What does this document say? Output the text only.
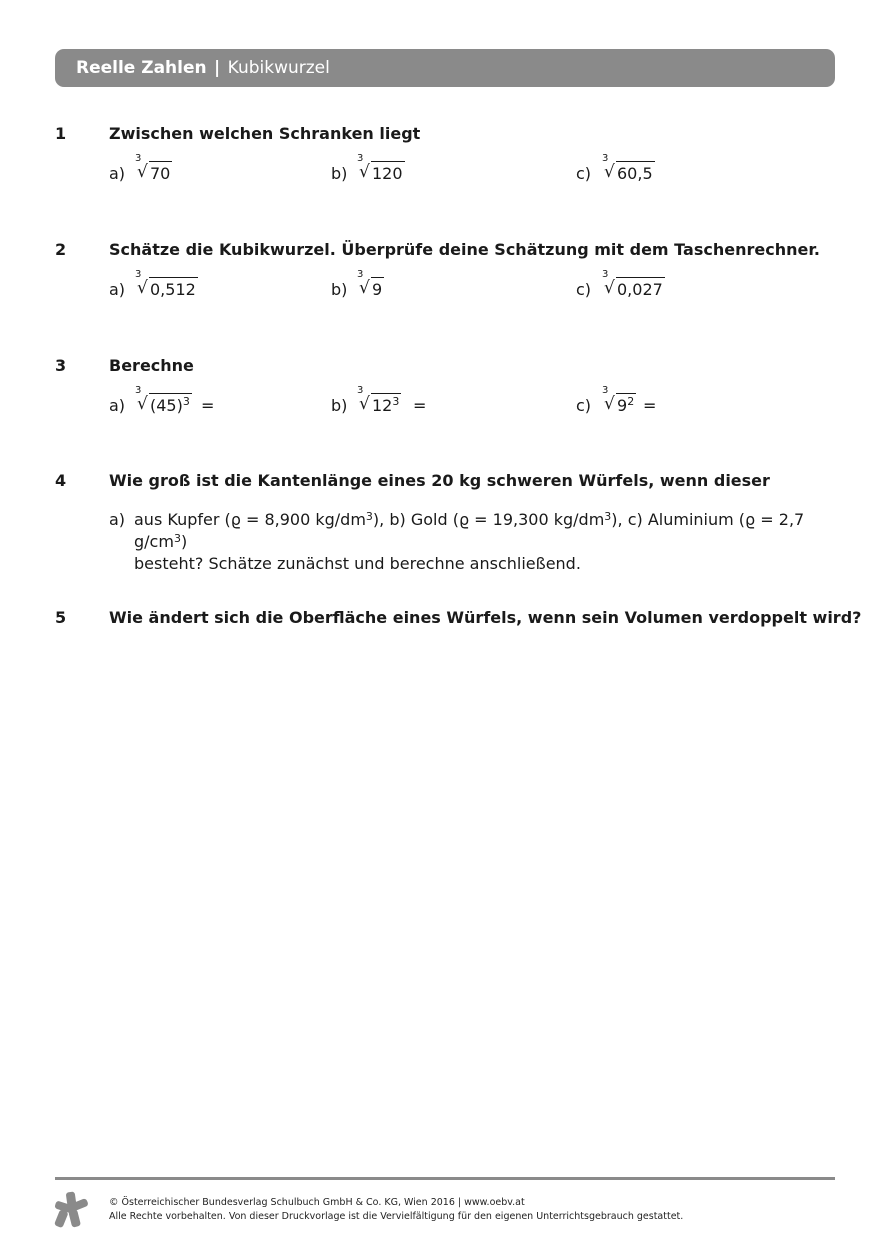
Reelle Zahlen | Kubikwurzel
1	Zwischen welchen Schranken liegt
a)
3
√ 70	b)
3
√ 120	c)
3
√ 60,5
2	Schätze die Kubikwurzel. Überprüfe deine Schätzung mit dem Taschenrechner.
a)
3
√ 0,512	b)
3
√ 9	c)
3
√ 0,027
3	Berechne
a)
3
√ $(45)^3$ =	b)
3
√ $12^3$ =	c)
3
√ $9^2$ =
4	Wie groß ist die Kantenlänge eines 20 kg schweren Würfels, wenn dieser
a) aus Kupfer (ϱ = 8,900 $kg/dm^3$), b) Gold (ϱ = 19,300 $kg/dm^3$), c) Aluminium (ϱ = 2,7 $g/cm^3$)
besteht? Schätze zunächst und berechne anschließend.
5	Wie ändert sich die Oberfläche eines Würfels, wenn sein Volumen verdoppelt wird?
© Österreichischer Bundesverlag Schulbuch GmbH & Co. KG, Wien 2016 | www.oebv.at
Alle Rechte vorbehalten. Von dieser Druckvorlage ist die Vervielfältigung für den eigenen Unterrichtsgebrauch gestattet.
